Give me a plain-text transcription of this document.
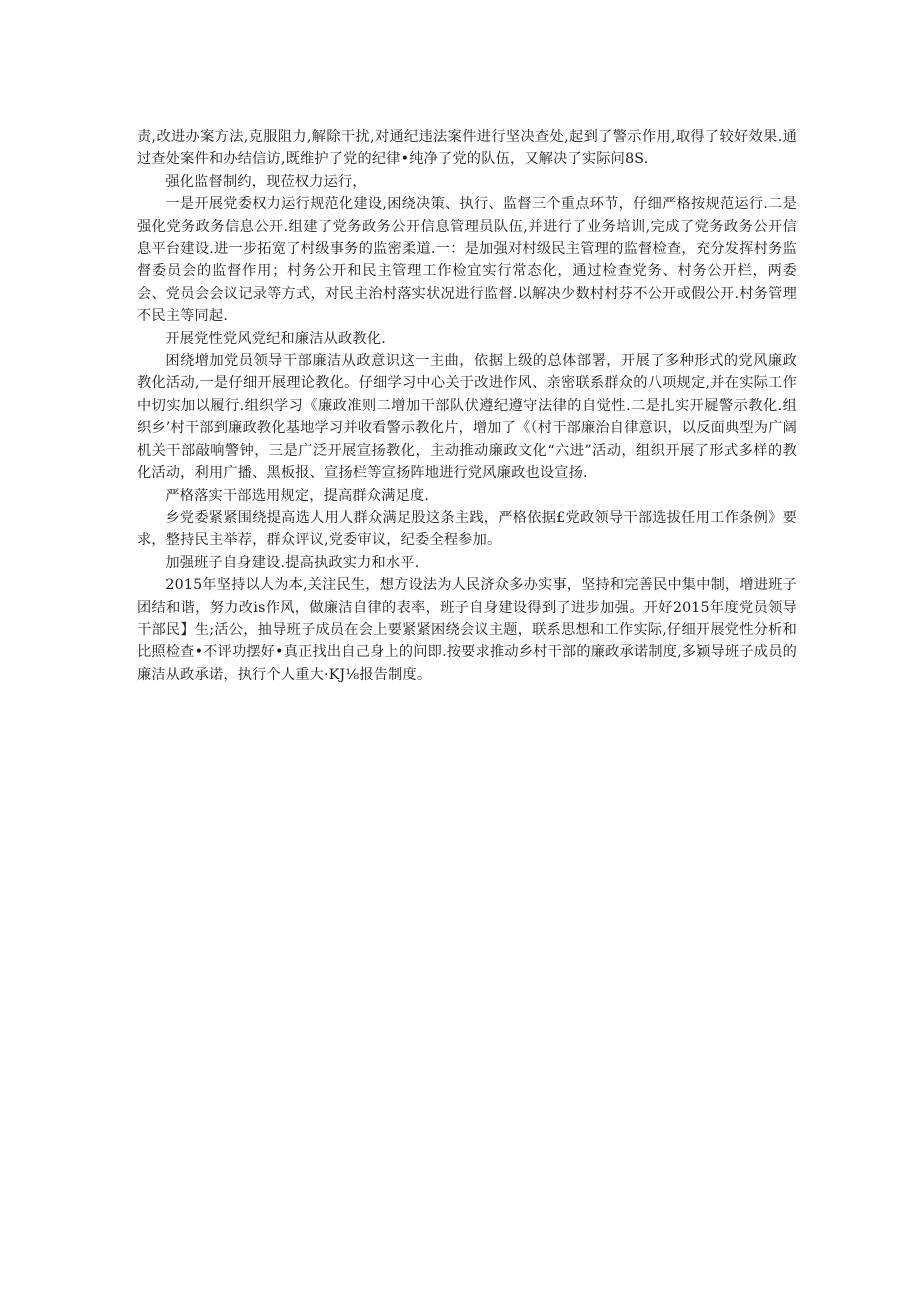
责,改进办案方法,克服阻力,解除干扰,对通纪违法案件进行坚决查处,起到了警示作用,取得了较好效果.通过查处案件和办结信访,既维护了党的纪律•纯净了党的队伍，又解决了实际问8S.

强化监督制约，现莅权力运行，

一是开展党委权力运行规范化建设,困绕决策、执行、监督三个重点环节，仔细严格按规范运行.二是强化党务政务信息公开.组建了党务政务公开信息管理员队伍,并进行了业务培训,完成了党务政务公开信息平台建设.进一步拓宽了村级事务的监密柔道.一：是加强对村级民主管理的监督检查，充分发挥村务监督委员会的监督作用；村务公开和民主管理工作检宜实行常态化，通过检查党务、村务公开栏，两委会、党员会会议记录等方式，对民主治村落实状况进行监督.以解决少数村村芬不公开或假公开.村务管理不民主等同起.

开展党性党风党纪和廉洁从政教化.

困绕增加党员领导干部廉洁从政意识这一主曲，依据上级的总体部署，开展了多种形式的党风廉政教化活动,一是仔细开展理论教化。仔细学习中心关于改进作风、亲密联系群众的八项规定,并在实际工作中切实加以履行.组织学习《廉政准则二增加干部队伏遵纪遵守法律的自觉性.二是扎实开屣警示教化.组织乡’村干部到廉政教化基地学习并收看警示教化片，增加了《（村干部廉治自律意识，以反面典型为广阔机关干部敲响警钟，三是广泛开展宣扬教化，主动推动廉政文化“六进”活动，组织开展了形式多样的教化活动，利用广播、黑板报、宣扬栏等宣扬阵地进行党风廉政也设宣扬.

严格落实干部选用规定，提高群众满足度.

乡党委紧紧围绕提高选人用人群众满足股这条主践，严格依据£党政领导干部选拔任用工作条例》要求，整持民主举荐，群众评议,党委审议，纪委全程参加。

加强班子自身建设.提高执政实力和水平.

2015年坚持以人为本,关注民生，想方设法为人民济众多办实事，坚持和完善民中集中制，增进班子团结和谐，努力改is作风，做廉洁自律的表率，班子自身建设得到了进步加强。开好2015年度党员领导干部民】生;活公，抽导班子成员在会上要紧紧困绕会议主题，联系思想和工作实际,仔细开展党性分析和比照检查•不评功摆好•真正找出自己身上的问即.按要求推动乡村干部的廉政承诺制度,多颖导班子成员的廉洁从政承诺，执行个人重大·KJ⅛报告制度。
